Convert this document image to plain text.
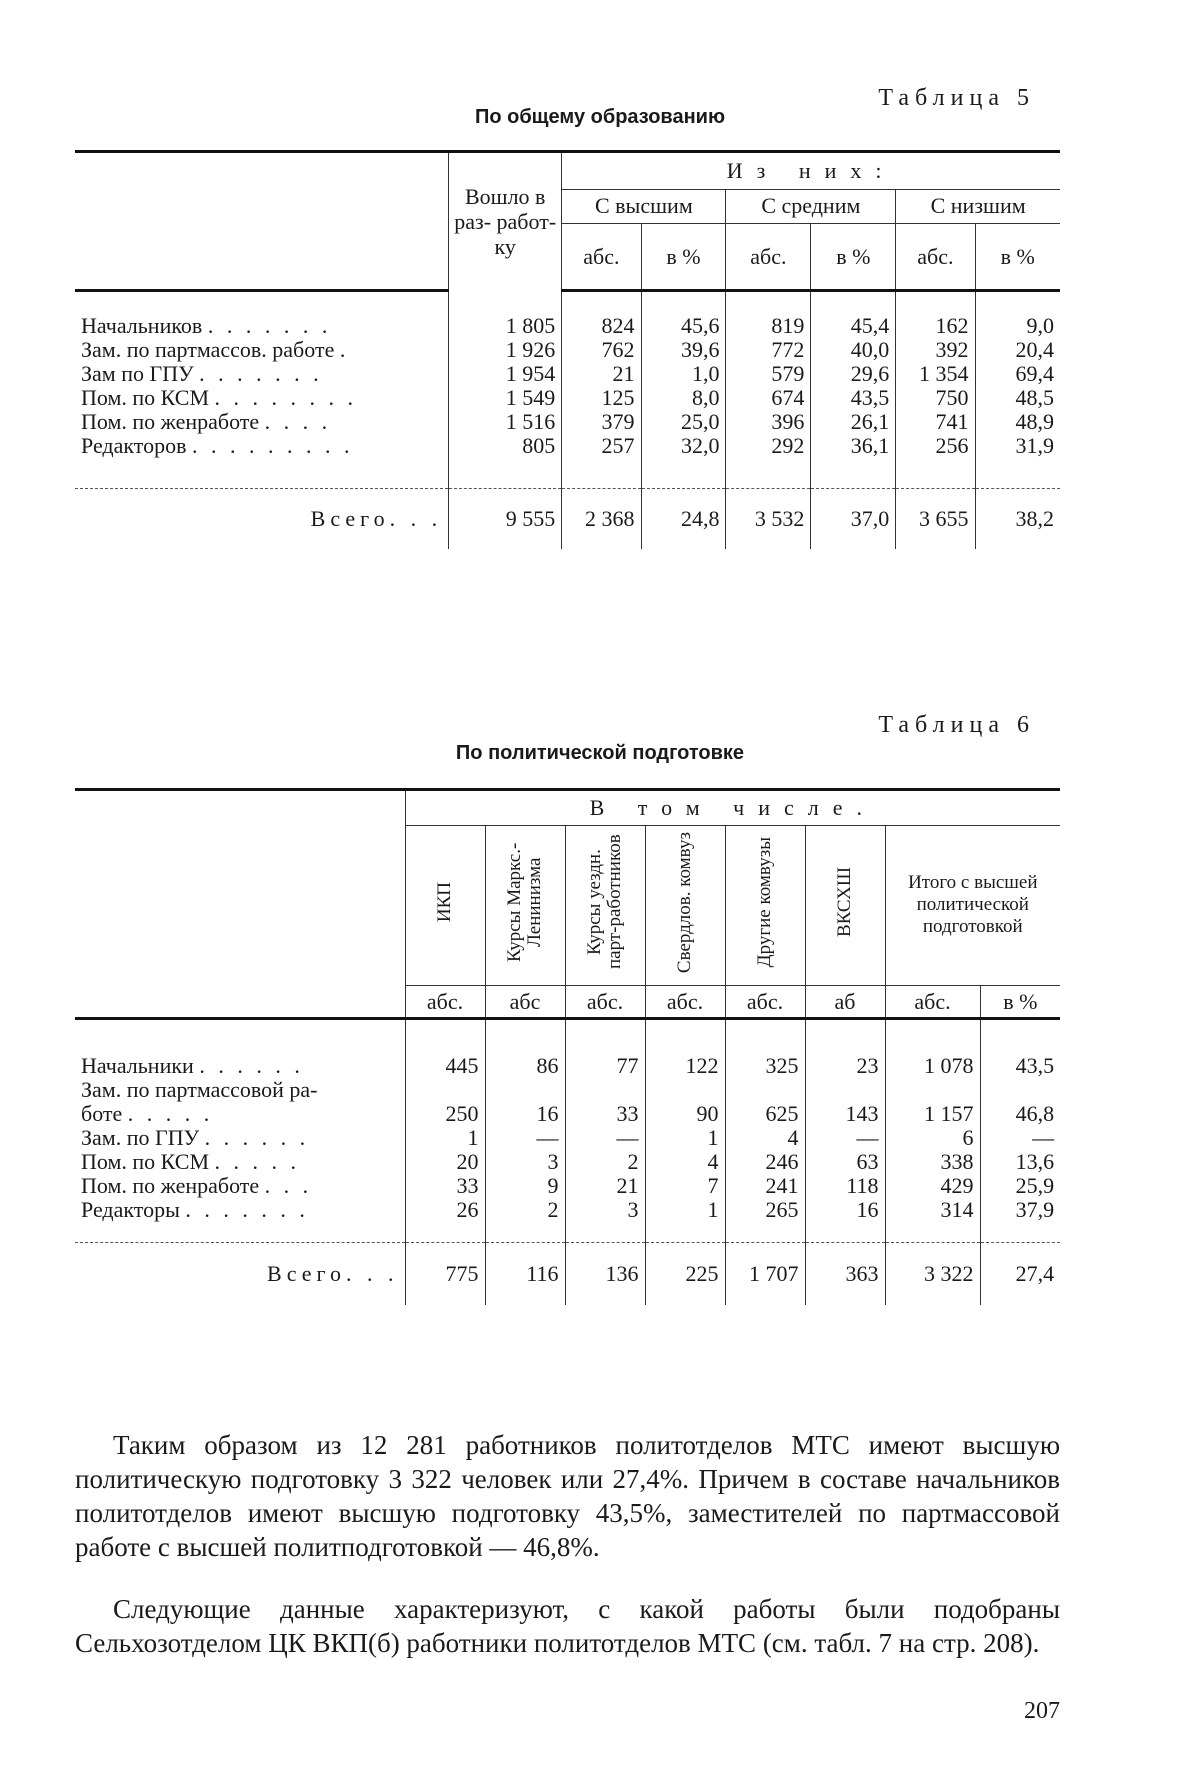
Таблица 5
По общему образованию
	Вошло в раз- работ- ку	Из них:					
		С высшим		С средним		С низшим	
		абс.	в %	абс.	в %	абс.	в %

Начальников . . . . . . .	1 805	824	45,6	819	45,4	162	9,0
Зам. по партмассов. работе .	1 926	762	39,6	772	40,0	392	20,4
Зам по ГПУ . . . . . . .	1 954	21	1,0	579	29,6	1 354	69,4
Пом. по КСМ . . . . . . . .	1 549	125	8,0	674	43,5	750	48,5
Пом. по женработе . . . .	1 516	379	25,0	396	26,1	741	48,9
Редакторов . . . . . . . . .	805	257	32,0	292	36,1	256	31,9

Всего. . .	9 555	2 368	24,8	3 532	37,0	3 655	38,2
Таблица 6
По политической подготовке
	В том числе.							
	ИКП	Курсы Маркс.-Ленинизма	Курсы уездн. парт-работников	Свердлов. комвуз	Другие комвузы	ВКСХШ	Итого с высшей политической подготовкой	
	абс.	абс	абс.	абс.	абс.	аб	абс.	в %

Начальники . . . . . .	445	86	77	122	325	23	1 078	43,5
Зам. по партмассовой ра-								
боте . . . . .	250	16	33	90	625	143	1 157	46,8
Зам. по ГПУ . . . . . .	1	—	—	1	4	—	6	—
Пом. по КСМ . . . . .	20	3	2	4	246	63	338	13,6
Пом. по женработе . . .	33	9	21	7	241	118	429	25,9
Редакторы . . . . . . .	26	2	3	1	265	16	314	37,9

Всего. . .	775	116	136	225	1 707	363	3 322	27,4

Таким образом из 12 281 работников политотделов МТС имеют высшую политическую подготовку 3 322 человек или 27,4%. Причем в составе начальников политотделов имеют высшую подготовку 43,5%, заместителей по партмассовой работе с высшей политподготовкой — 46,8%.

Следующие данные характеризуют, с какой работы были подобраны Сельхозотделом ЦК ВКП(б) работники политотделов МТС (см. табл. 7 на стр. 208).

207
